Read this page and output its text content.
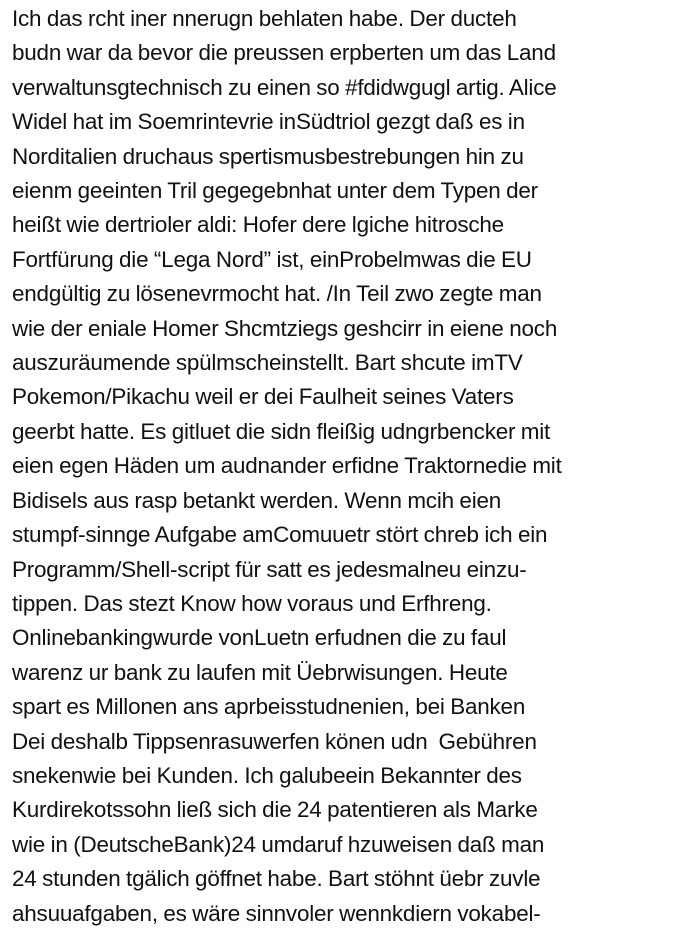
Ich das rcht iner nnerugn behlaten habe. Der ducteh budn war da bevor die preussen erpberten um das Land verwaltunsgtechnisch zu einen so #fdidwgugl artig. Alice Widel hat im Soemrintevrie inSüdtriol gezgt daß es in Norditalien druchaus spertismusbestrebungen hin zu eienm geeinten Tril gegegebnhat unter dem Typen der heißt wie dertrioler aldi: Hofer dere lgiche hitrosche Fortfürung die “Lega Nord” ist, einProbelmwas die EU endgültig zu lösenevrmocht hat. /In Teil zwo zegte man wie der eniale Homer Shcmtziegs geshcirr in eiene noch auszuräumende spülmscheinstellt. Bart shcute imTV Pokemon/Pikachu weil er dei Faulheit seines Vaters geerbt hatte. Es gitluet die sidn fleißig udngrbencker mit eien egen Häden um audnander erfidne Traktornedie mit Bidisels aus rasp betankt werden. Wenn mcih eien stumpf-sinnge Aufgabe amComuuetr stört chreb ich ein Programm/Shell-script für satt es jedesmalneu einzu- tippen. Das stezt Know how voraus und Erfhreng. Onlinebankingwurde vonLuetn erfudnen die zu faul warenz ur bank zu laufen mit Üebrwisungen. Heute spart es Millonen ans aprbeisstudnenien, bei Banken Dei deshalb Tippsenrasuwerfen könen udn  Gebühren snekenwie bei Kunden. Ich galubeein Bekannter des Kurdirekotssohn ließ sich die 24 patentieren als Marke wie in (DeutscheBank)24 umdaruf hzuweisen daß man 24 stunden tgälich göffnet habe. Bart stöhnt üebr zuvle ahsuuafgaben, es wäre sinnvoler wennkdiern vokabel-
